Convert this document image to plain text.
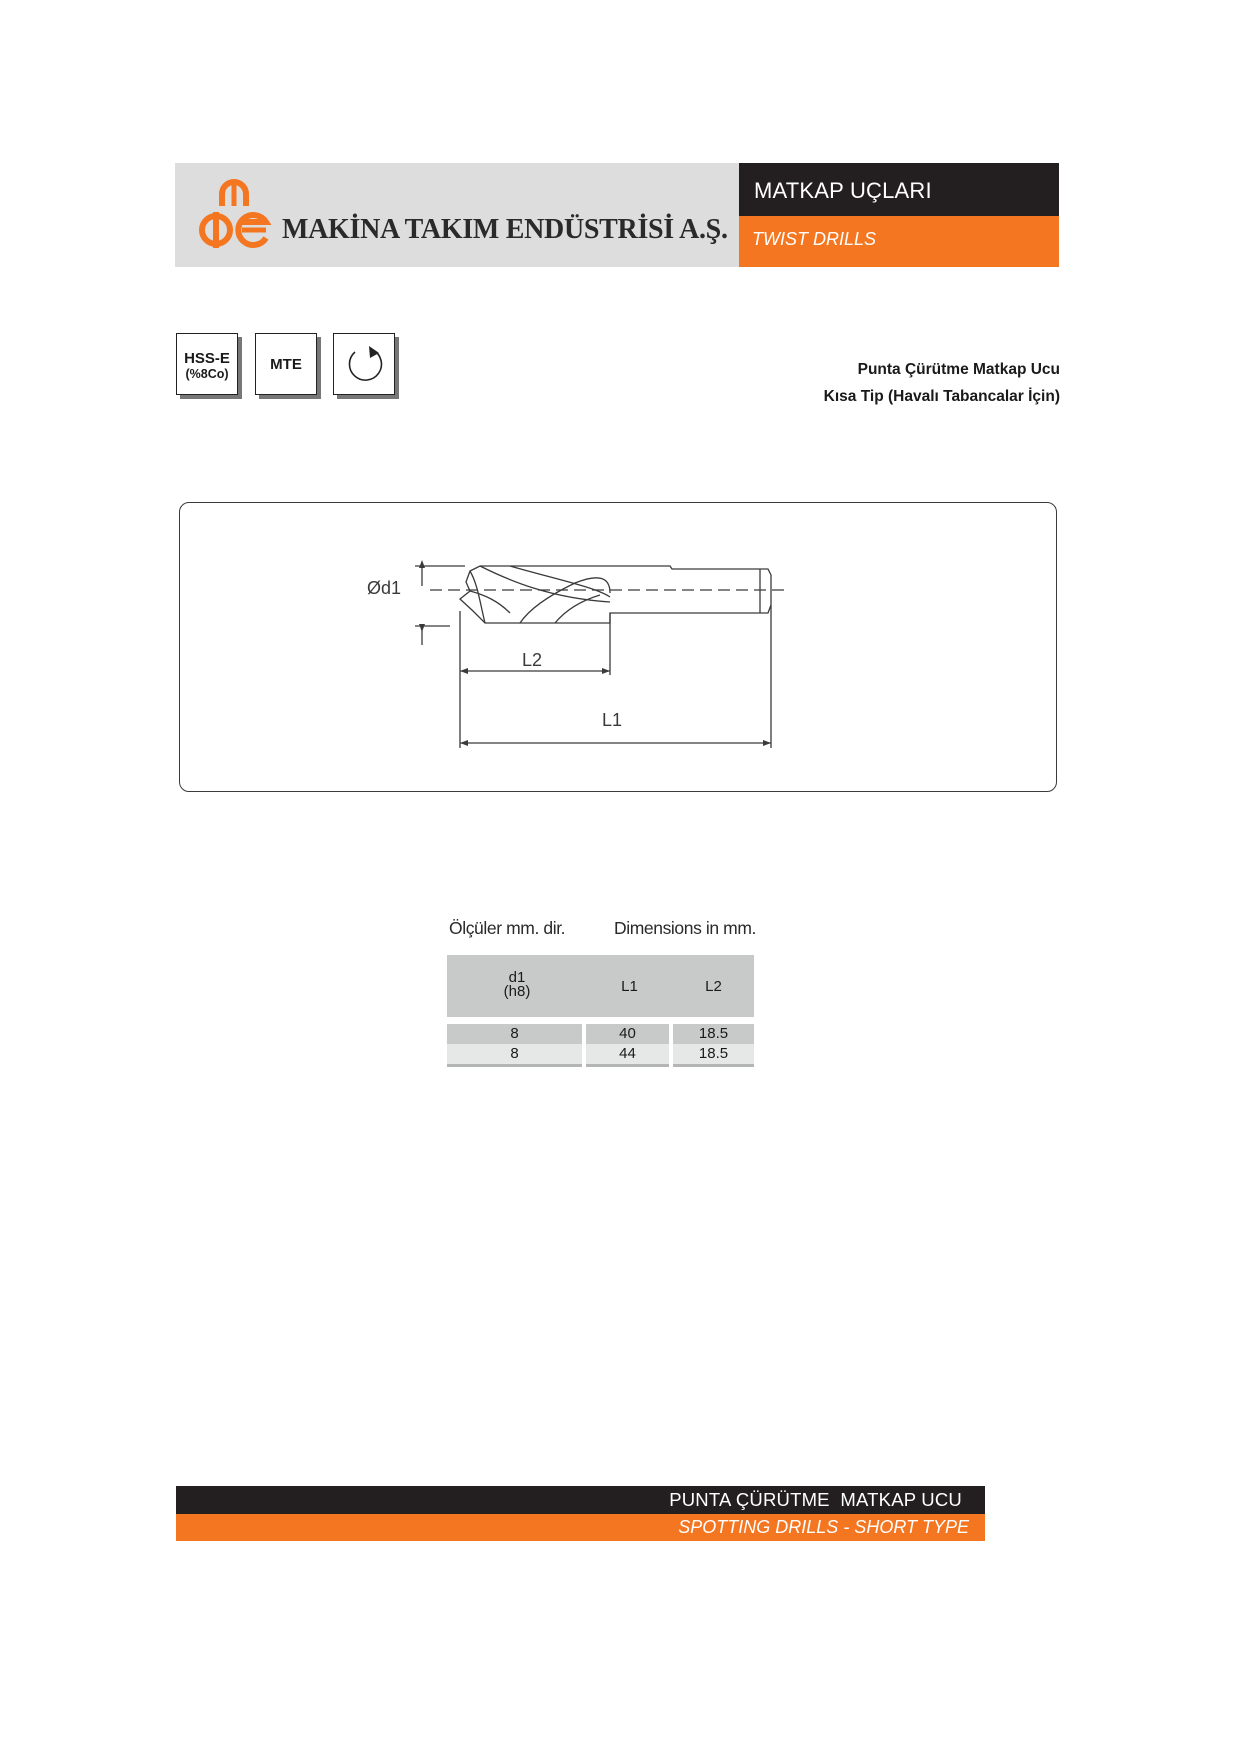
MAKİNA TAKIM ENDÜSTRİSİ A.Ş.
MATKAP UÇLARI
TWIST DRILLS
HSS-E
(%8Co)
MTE	Punta Çürütme Matkap Ucu
Kısa Tip (Havalı Tabancalar İçin)
Ød1
L2
L1
Ölçüler mm. dir.	Dimensions in mm.
d1
(h8)	L1	L2
8	40	18.5
8	44	18.5
PUNTA ÇÜRÜTME  MATKAP UCU
SPOTTING DRILLS - SHORT TYPE
